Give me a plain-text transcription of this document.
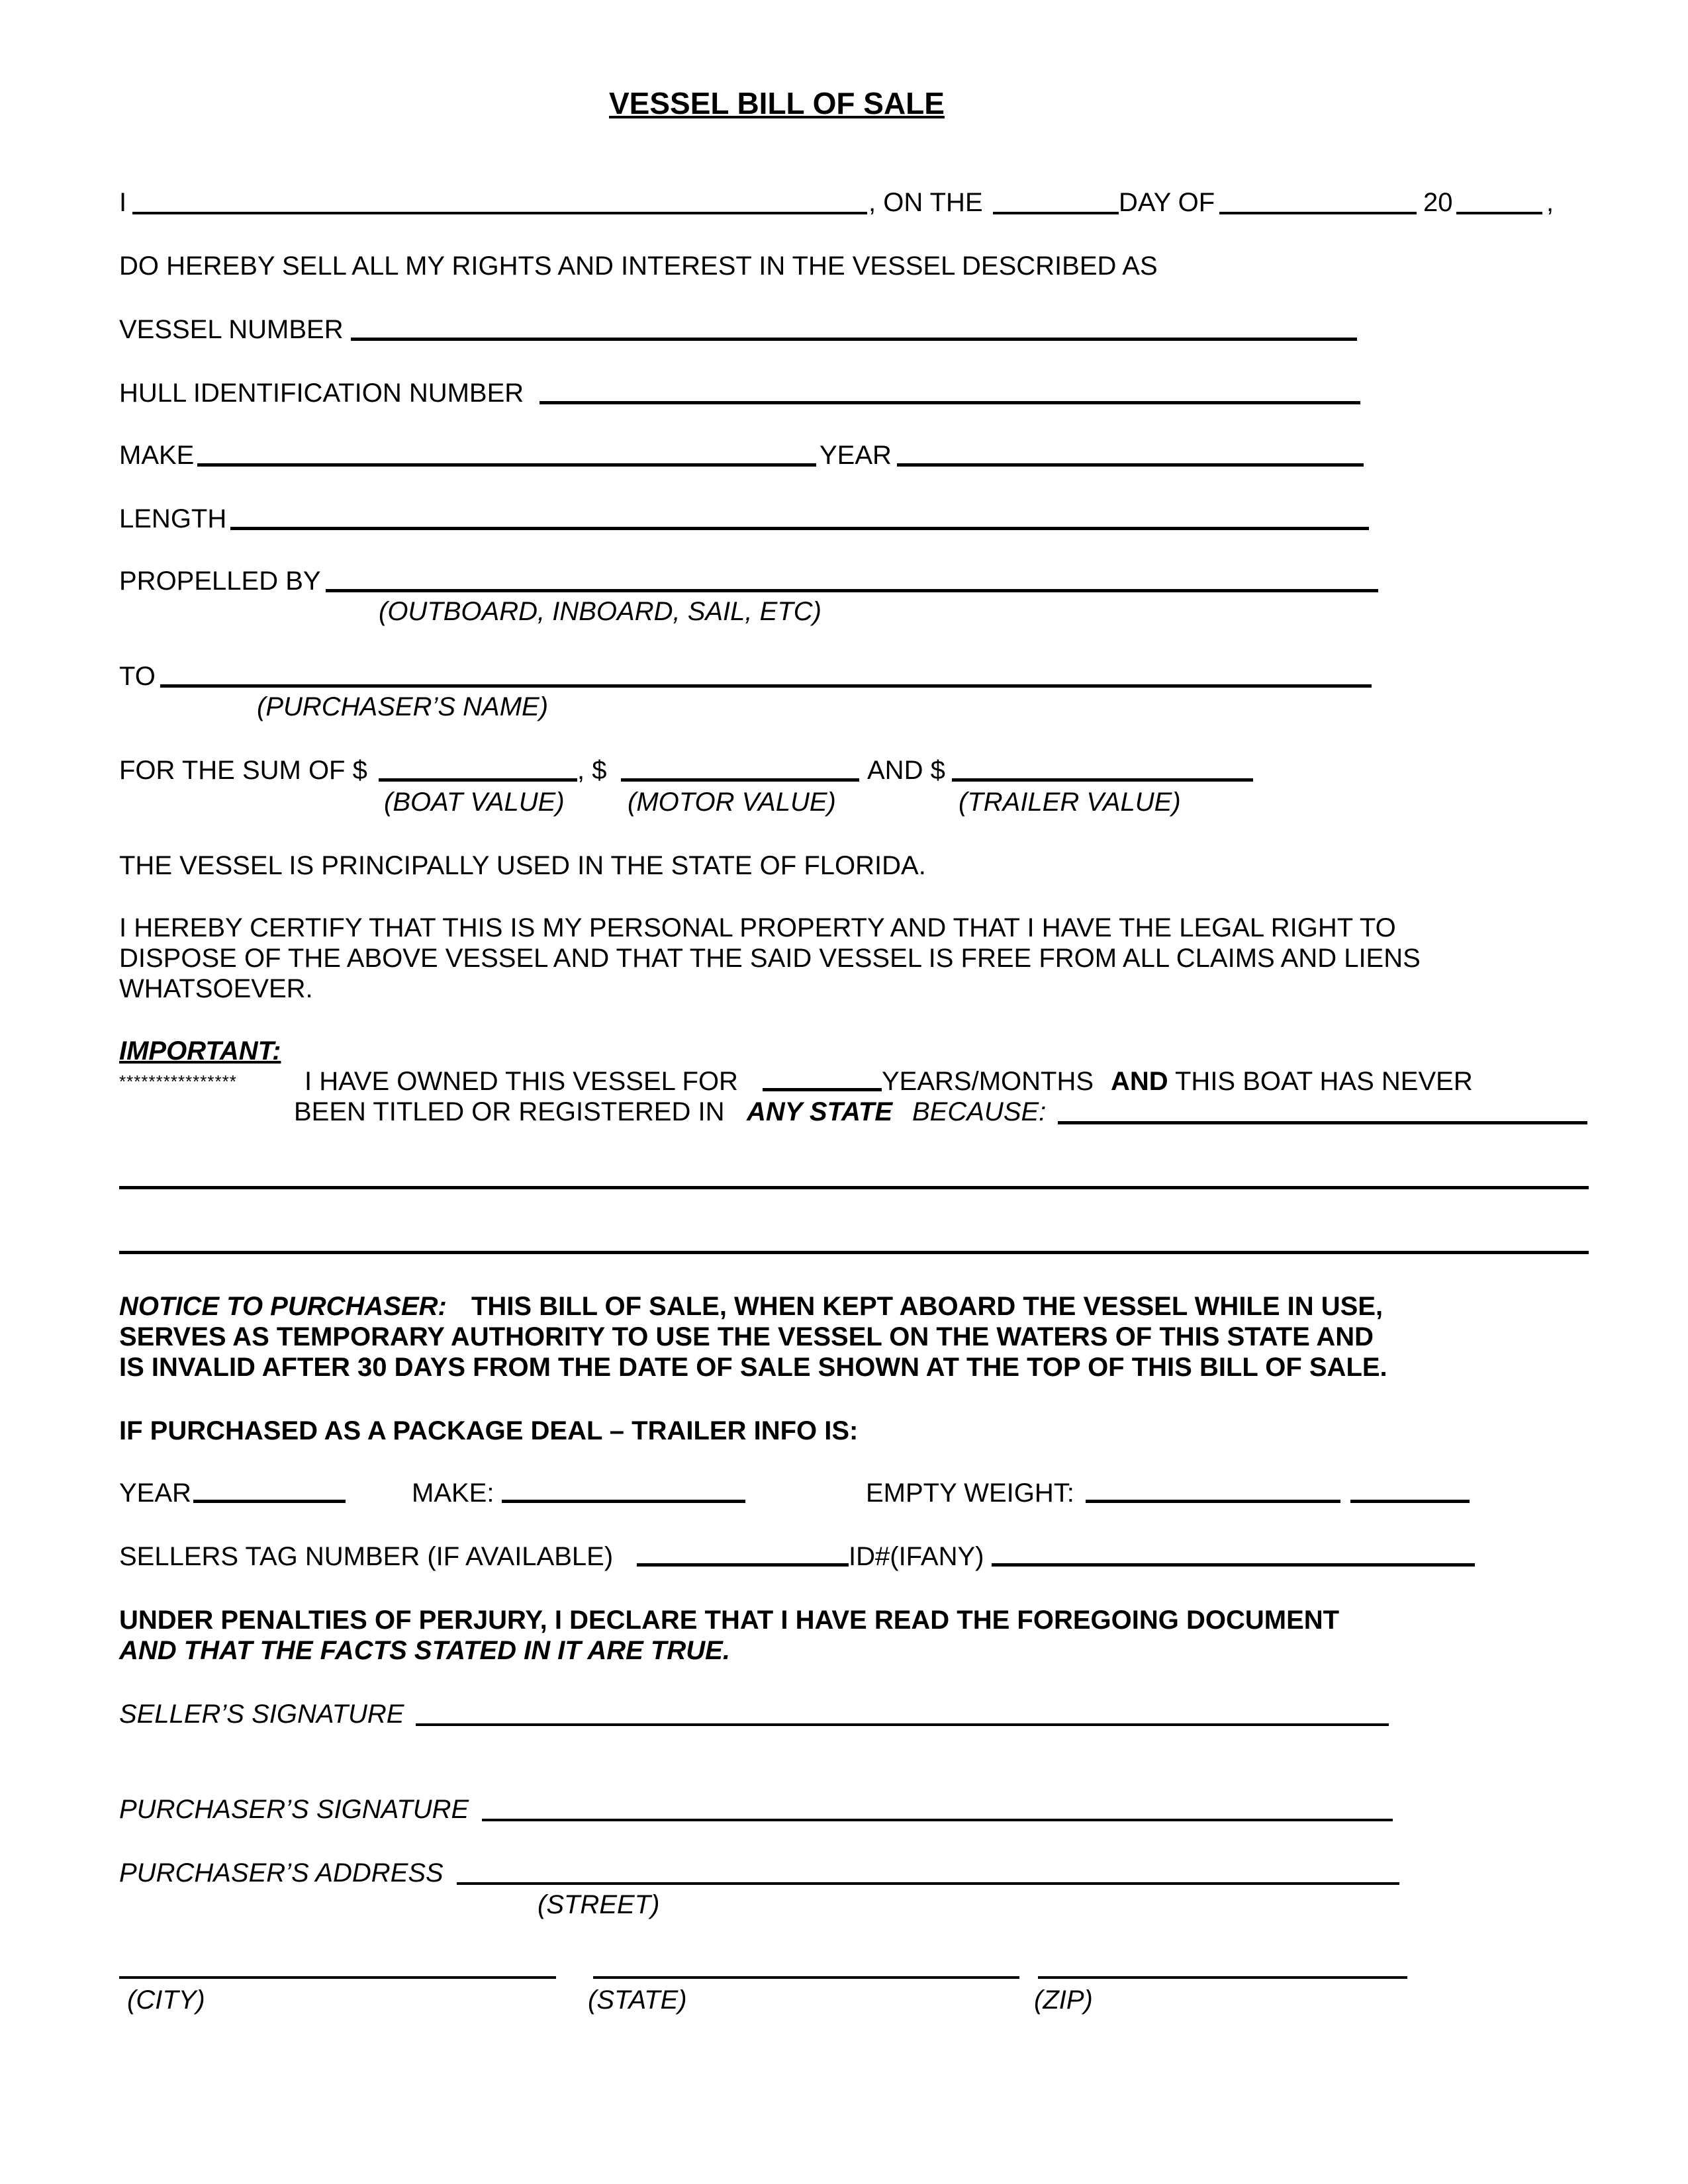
VESSEL BILL OF SALE
I	, ON THE	DAY OF	20	,
DO HEREBY SELL ALL MY RIGHTS AND INTEREST IN THE VESSEL DESCRIBED AS
VESSEL NUMBER
HULL IDENTIFICATION NUMBER
MAKE	YEAR
LENGTH
PROPELLED BY
(OUTBOARD, INBOARD, SAIL, ETC)
TO
(PURCHASER’S NAME)
FOR THE SUM OF $	, $	AND $
(BOAT VALUE) (MOTOR VALUE)	(TRAILER VALUE)
THE VESSEL IS PRINCIPALLY USED IN THE STATE OF FLORIDA.
I HEREBY CERTIFY THAT THIS IS MY PERSONAL PROPERTY AND THAT I HAVE THE LEGAL RIGHT TO
DISPOSE OF THE ABOVE VESSEL AND THAT THE SAID VESSEL IS FREE FROM ALL CLAIMS AND LIENS
WHATSOEVER.
IMPORTANT:
****************	I HAVE OWNED THIS VESSEL FOR	YEARS/MONTHS AND THIS BOAT HAS NEVER
BEEN TITLED OR REGISTERED IN ANY STATE BECAUSE:
NOTICE TO PURCHASER: THIS BILL OF SALE, WHEN KEPT ABOARD THE VESSEL WHILE IN USE,
SERVES AS TEMPORARY AUTHORITY TO USE THE VESSEL ON THE WATERS OF THIS STATE AND
IS INVALID AFTER 30 DAYS FROM THE DATE OF SALE SHOWN AT THE TOP OF THIS BILL OF SALE.
IF PURCHASED AS A PACKAGE DEAL – TRAILER INFO IS:
YEAR	MAKE:	EMPTY WEIGHT:
SELLERS TAG NUMBER (IF AVAILABLE)	ID#(IFANY)
UNDER PENALTIES OF PERJURY, I DECLARE THAT I HAVE READ THE FOREGOING DOCUMENT
AND THAT THE FACTS STATED IN IT ARE TRUE.
SELLER’S SIGNATURE
PURCHASER’S SIGNATURE
PURCHASER’S ADDRESS
(STREET)
(CITY)	(STATE)	(ZIP)
